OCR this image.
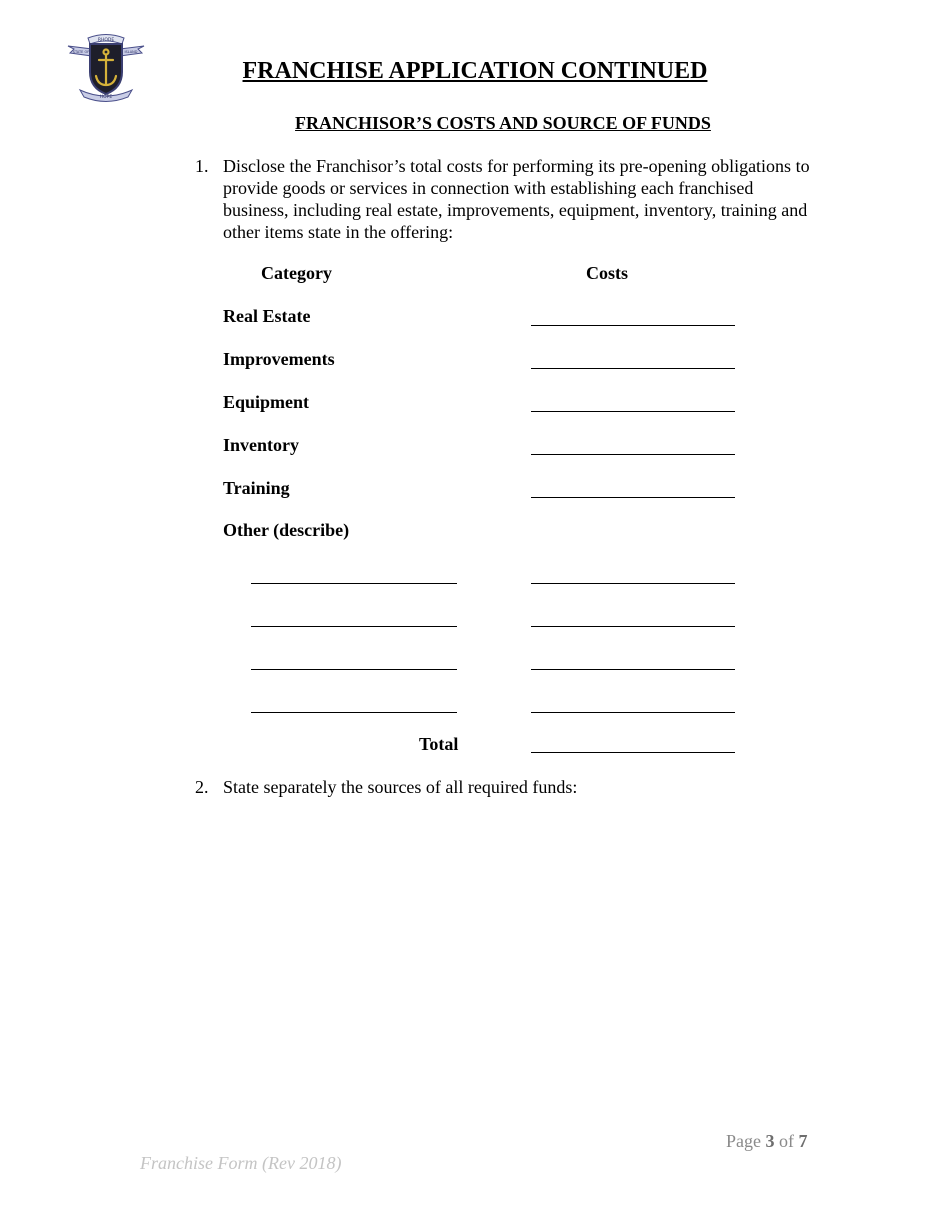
RHODE
STATE OF	ISLAND
HOPE
FRANCHISE APPLICATION CONTINUED
FRANCHISOR’S COSTS AND SOURCE OF FUNDS
1. Disclose the Franchisor’s total costs for performing its pre-opening obligations to provide goods or services in connection with establishing each franchised business, including real estate, improvements, equipment, inventory, training and other items state in the offering:
Category	Costs
Real Estate
Improvements
Equipment
Inventory
Training
Other (describe)
Total
2. State separately the sources of all required funds:
Page 3 of 7
Franchise Form (Rev 2018)
